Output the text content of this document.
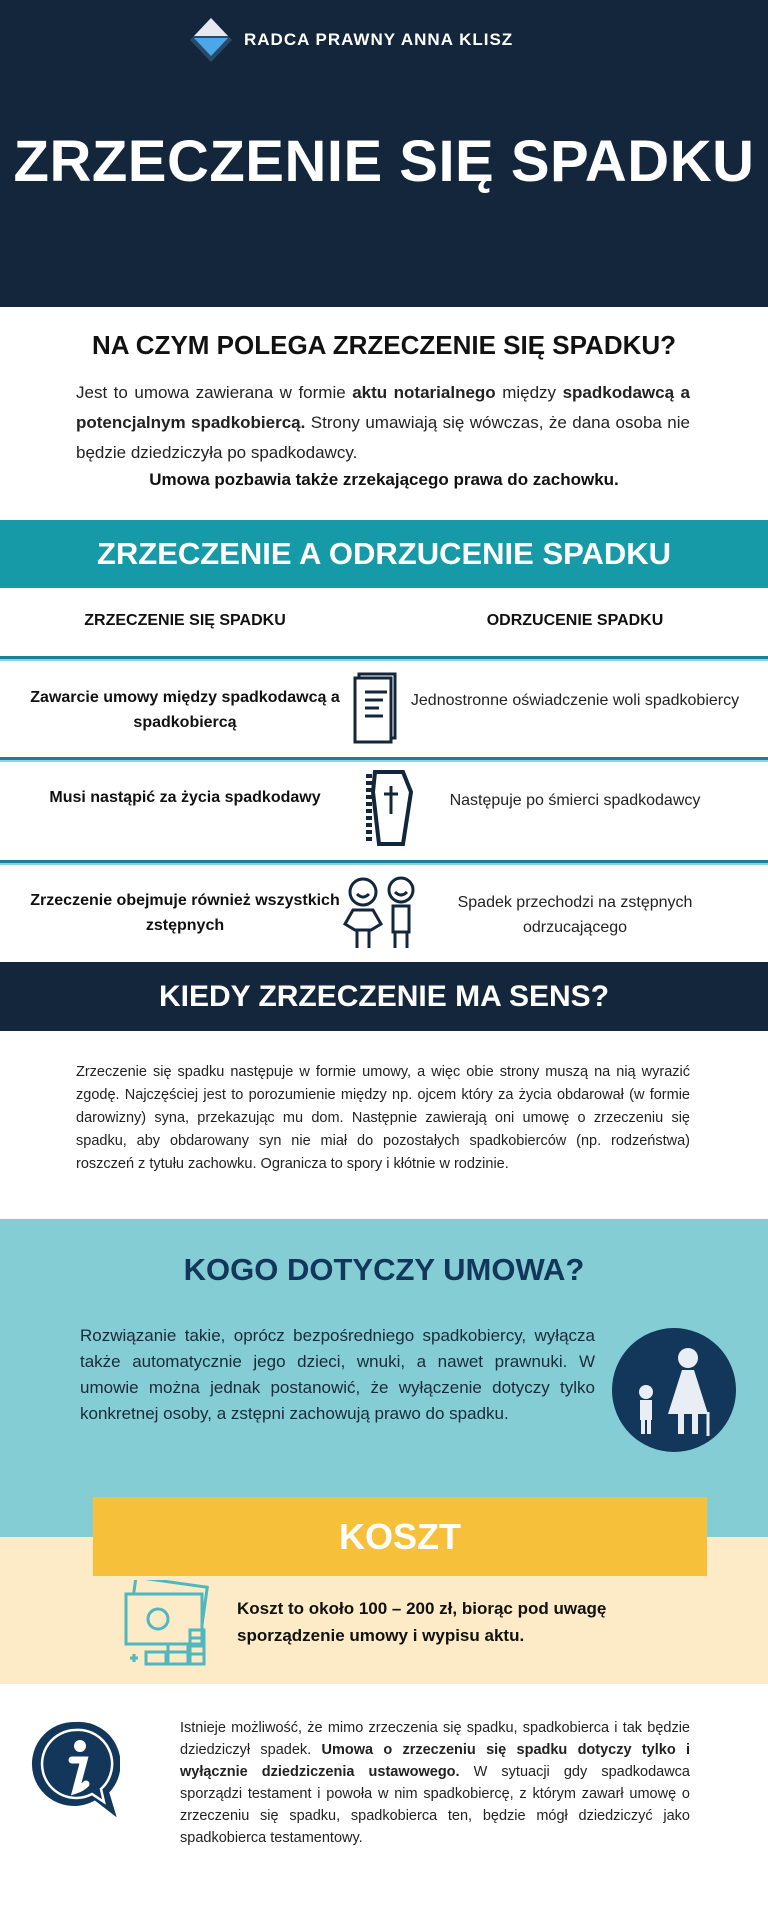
RADCA PRAWNY ANNA KLISZ
ZRZECZENIE SIĘ SPADKU
NA CZYM POLEGA ZRZECZENIE SIĘ SPADKU?
Jest to umowa zawierana w formie aktu notarialnego między spadkodawcą a potencjalnym spadkobiercą. Strony umawiają się wówczas, że dana osoba nie będzie dziedziczyła po spadkodawcy.
Umowa pozbawia także zrzekającego prawa do zachowku.
ZRZECZENIE A ODRZUCENIE SPADKU
ZRZECZENIE SIĘ SPADKU	ODRZUCENIE SPADKU
Zawarcie umowy między spadkodawcą a spadkobiercą
Jednostronne oświadczenie woli spadkobiercy
Musi nastąpić za życia spadkodawy	Następuje po śmierci spadkodawcy
Zrzeczenie obejmuje również wszystkich zstępnych
Spadek przechodzi na zstępnych odrzucającego
KIEDY ZRZECZENIE MA SENS?
Zrzeczenie się spadku następuje w formie umowy, a więc obie strony muszą na nią wyrazić zgodę. Najczęściej jest to porozumienie między np. ojcem który za życia obdarował (w formie darowizny) syna, przekazując mu dom. Następnie zawierają oni umowę o zrzeczeniu się spadku, aby obdarowany syn nie miał do pozostałych spadkobierców (np. rodzeństwa) roszczeń z tytułu zachowku. Ogranicza to spory i kłótnie w rodzinie.
KOGO DOTYCZY UMOWA?
Rozwiązanie takie, oprócz bezpośredniego spadkobiercy, wyłącza także automatycznie jego dzieci, wnuki, a nawet prawnuki. W umowie można jednak postanowić, że wyłączenie dotyczy tylko konkretnej osoby, a zstępni zachowują prawo do spadku.
KOSZT
Koszt to około 100 – 200 zł, biorąc pod uwagę sporządzenie umowy i wypisu aktu.
Istnieje możliwość, że mimo zrzeczenia się spadku, spadkobierca i tak będzie dziedziczył spadek. Umowa o zrzeczeniu się spadku dotyczy tylko i wyłącznie dziedziczenia ustawowego. W sytuacji gdy spadkodawca sporządzi testament i powoła w nim spadkobiercę, z którym zawarł umowę o zrzeczeniu się spadku, spadkobierca ten, będzie mógł dziedziczyć jako spadkobierca testamentowy.
